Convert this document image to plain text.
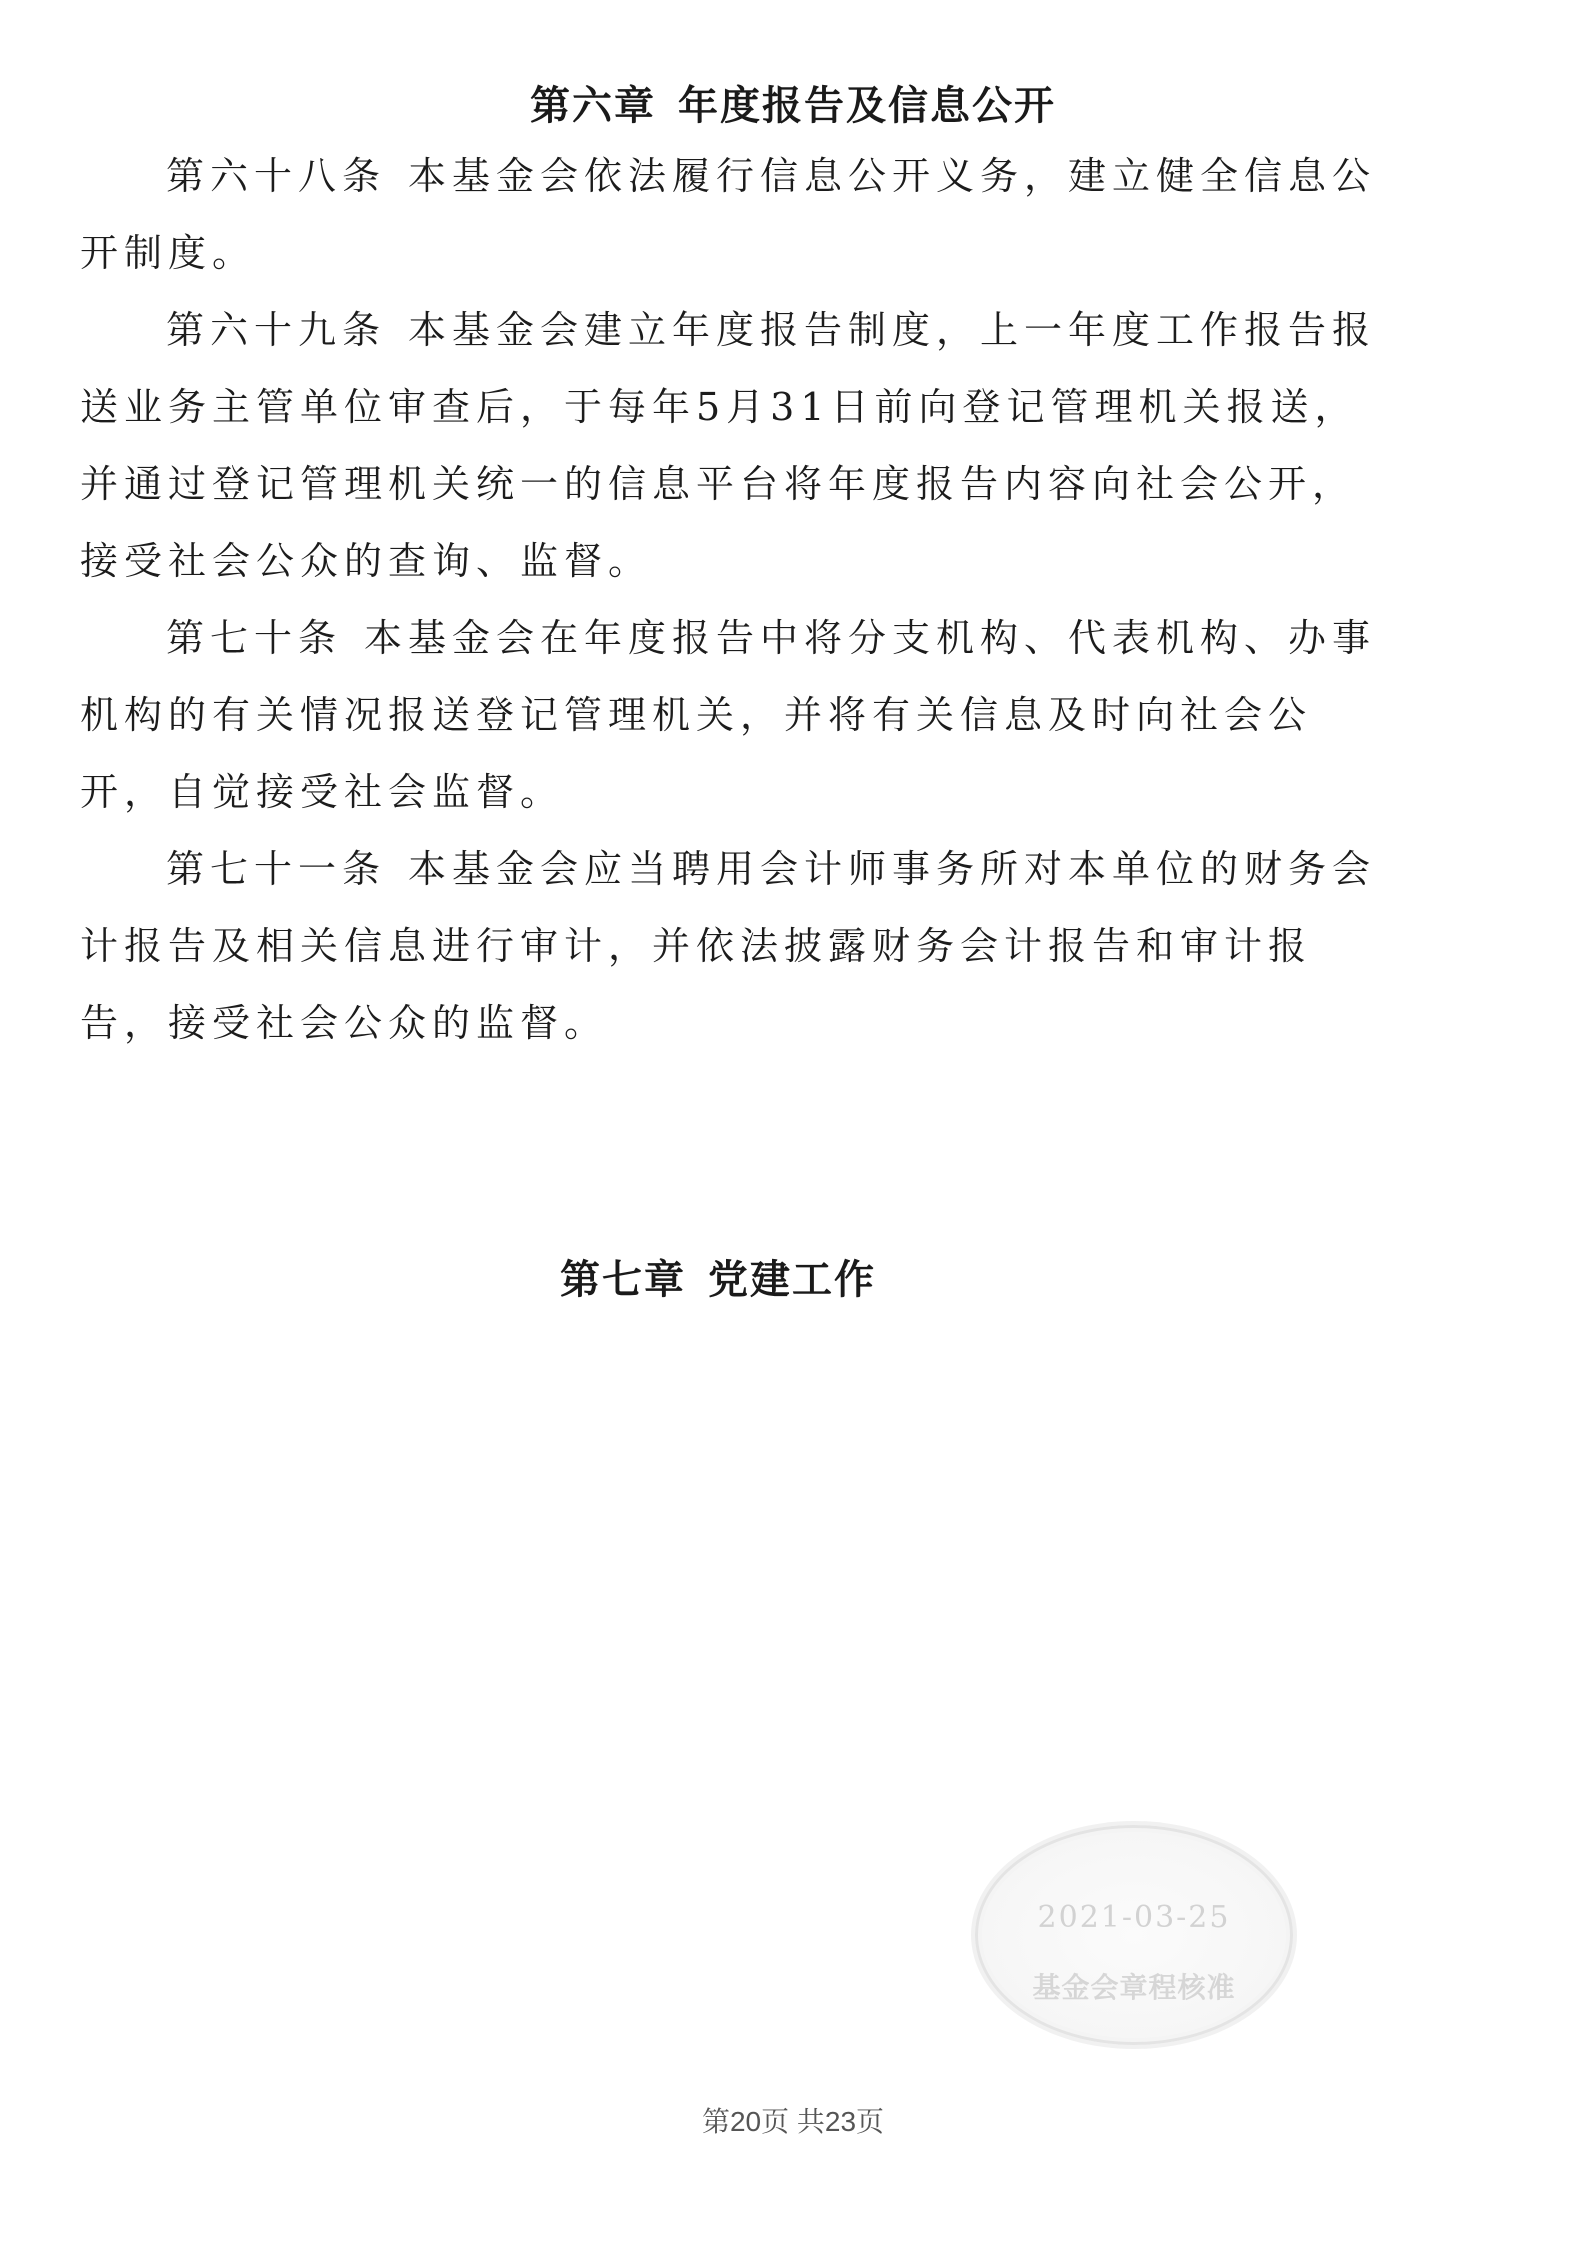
第六章 年度报告及信息公开

第六十八条 本基金会依法履行信息公开义务，建立健全信息公开制度。

第六十九条 本基金会建立年度报告制度，上一年度工作报告报送业务主管单位审查后，于每年5月31日前向登记管理机关报送，并通过登记管理机关统一的信息平台将年度报告内容向社会公开，接受社会公众的查询、监督。

第七十条 本基金会在年度报告中将分支机构、代表机构、办事机构的有关情况报送登记管理机关，并将有关信息及时向社会公开，自觉接受社会监督。

第七十一条 本基金会应当聘用会计师事务所对本单位的财务会计报告及相关信息进行审计，并依法披露财务会计报告和审计报告，接受社会公众的监督。

第七章 党建工作
2021-03-25
基金会章程核准
第20页 共23页
